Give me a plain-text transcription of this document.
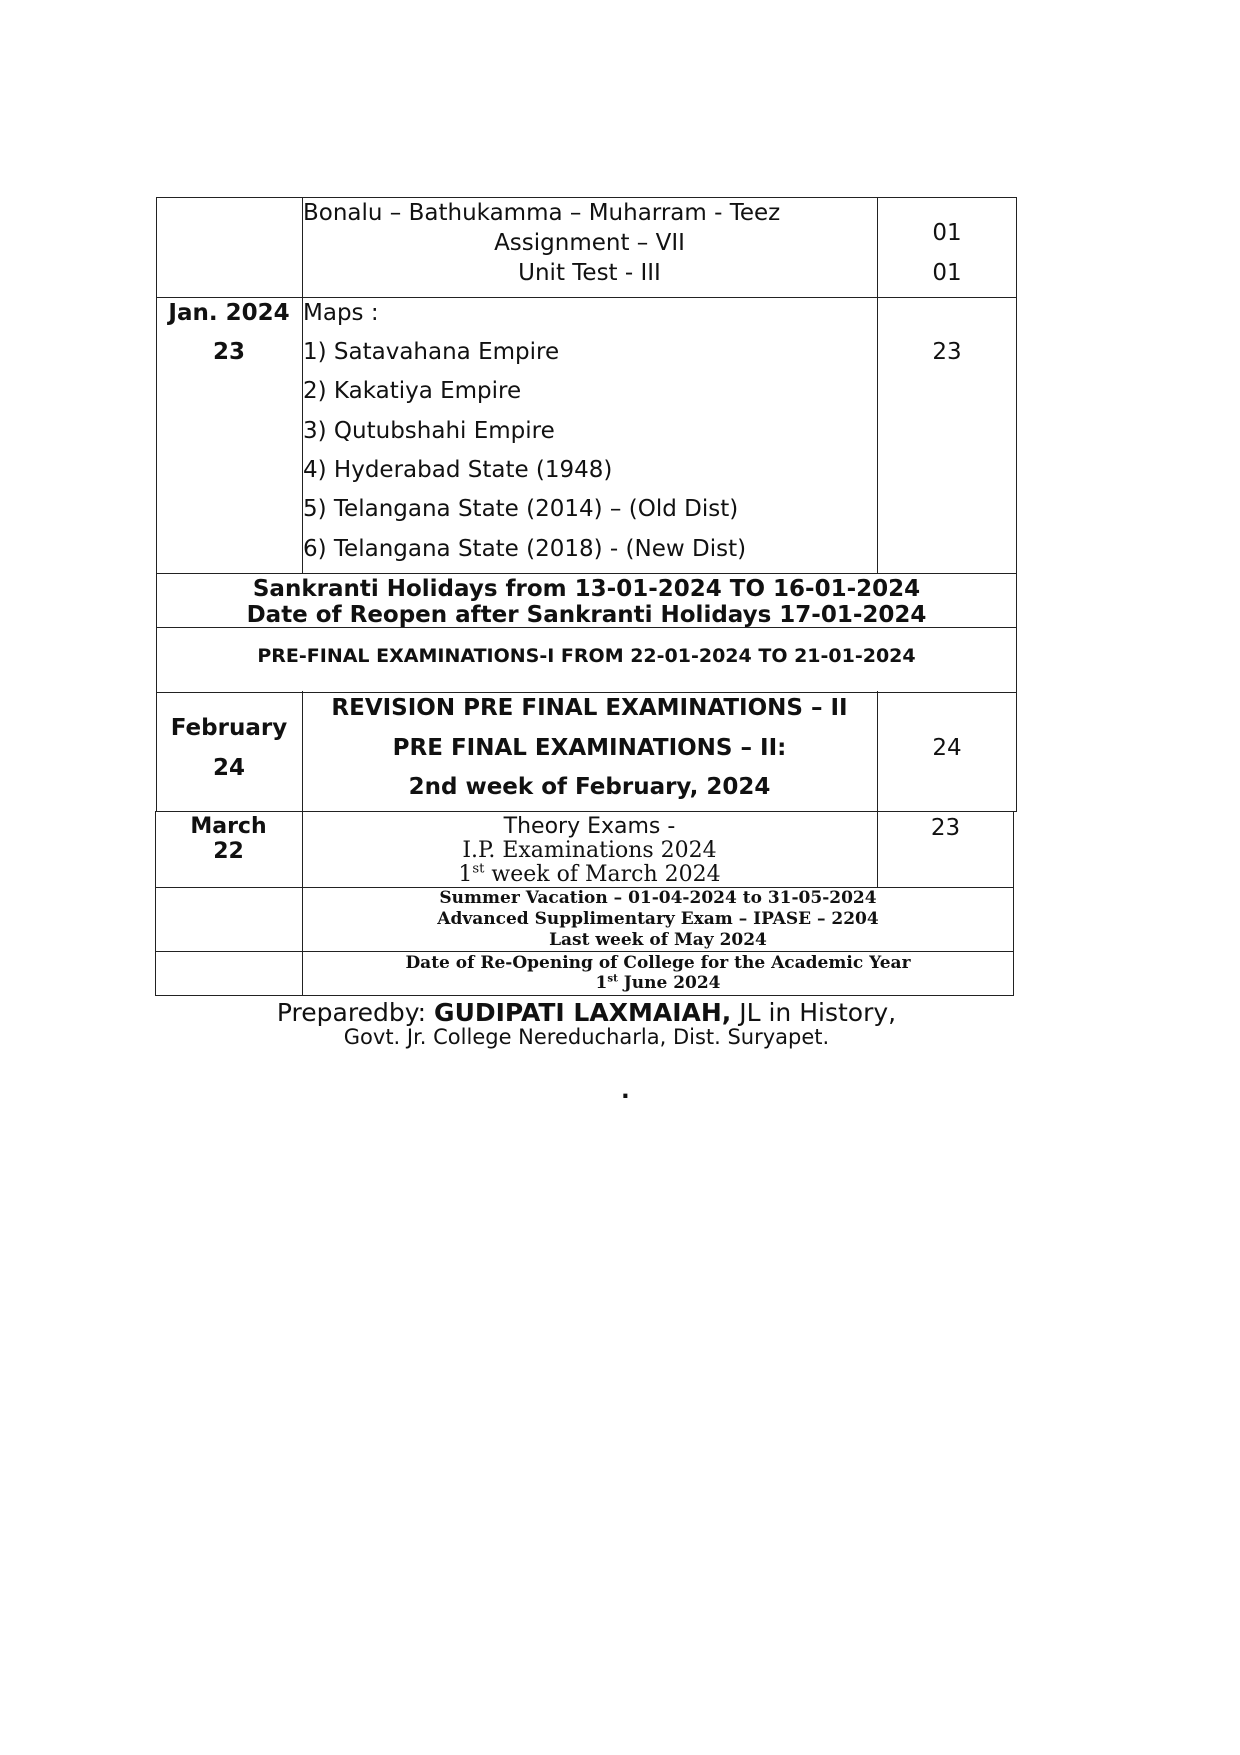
Bonalu – Bathukamma – Muharram - Teez
Assignment – VII
Unit Test - III
01
01
Jan. 2024
23
Maps :
1) Satavahana Empire
2) Kakatiya Empire
3) Qutubshahi Empire
4) Hyderabad State (1948)
5) Telangana State (2014) – (Old Dist)
6) Telangana State (2018) - (New Dist)
23
Sankranti Holidays from 13-01-2024 TO 16-01-2024
Date of Reopen after Sankranti Holidays 17-01-2024
PRE-FINAL EXAMINATIONS-I FROM 22-01-2024 TO 21-01-2024
February
24
REVISION PRE FINAL EXAMINATIONS – II
PRE FINAL EXAMINATIONS – II:
2nd week of February, 2024
24
March
22
Theory Exams -
I.P. Examinations 2024
1st week of March 2024
23
Summer Vacation – 01-04-2024 to 31-05-2024
Advanced Supplimentary Exam – IPASE – 2204
Last week of May 2024
Date of Re-Opening of College for the Academic Year
1st June 2024
Preparedby: GUDIPATI LAXMAIAH, JL in History,
Govt. Jr. College Nereducharla, Dist. Suryapet.
.
